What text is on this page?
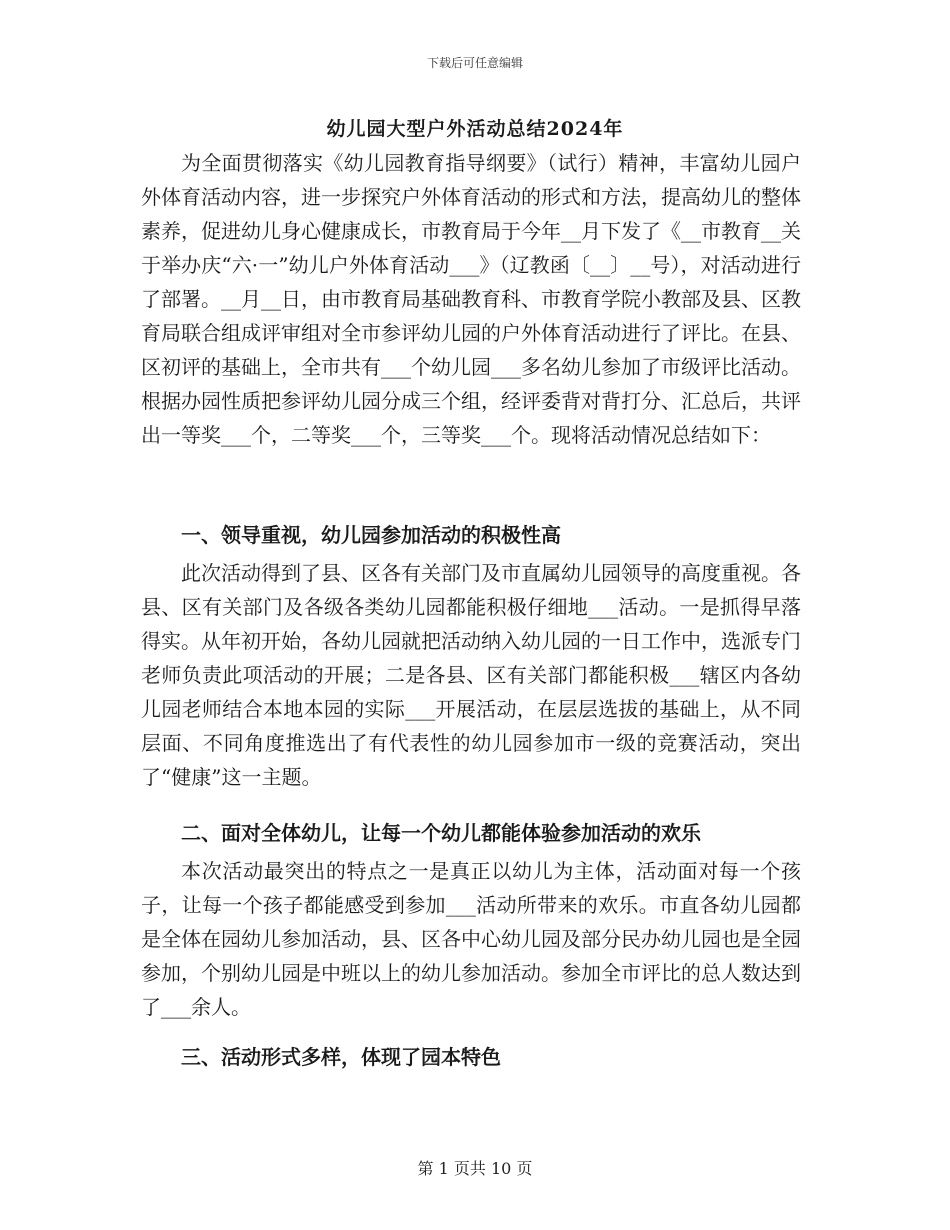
下载后可任意编辑
幼儿园大型户外活动总结2024年

为全面贯彻落实《幼儿园教育指导纲要》（试行）精神，丰富幼儿园户外体育活动内容，进一步探究户外体育活动的形式和方法，提高幼儿的整体素养，促进幼儿身心健康成长，市教育局于今年__月下发了《__市教育__关于举办庆“六·一”幼儿户外体育活动___》（辽教函〔__〕__号），对活动进行了部署。__月__日，由市教育局基础教育科、市教育学院小教部及县、区教育局联合组成评审组对全市参评幼儿园的户外体育活动进行了评比。在县、区初评的基础上，全市共有___个幼儿园___多名幼儿参加了市级评比活动。根据办园性质把参评幼儿园分成三个组，经评委背对背打分、汇总后，共评出一等奖___个，二等奖___个，三等奖___个。现将活动情况总结如下：

一、领导重视，幼儿园参加活动的积极性高

此次活动得到了县、区各有关部门及市直属幼儿园领导的高度重视。各县、区有关部门及各级各类幼儿园都能积极仔细地___活动。一是抓得早落得实。从年初开始，各幼儿园就把活动纳入幼儿园的一日工作中，选派专门老师负责此项活动的开展；二是各县、区有关部门都能积极___辖区内各幼儿园老师结合本地本园的实际___开展活动，在层层选拔的基础上，从不同层面、不同角度推选出了有代表性的幼儿园参加市一级的竞赛活动，突出了“健康”这一主题。

二、面对全体幼儿，让每一个幼儿都能体验参加活动的欢乐

本次活动最突出的特点之一是真正以幼儿为主体，活动面对每一个孩子，让每一个孩子都能感受到参加___活动所带来的欢乐。市直各幼儿园都是全体在园幼儿参加活动，县、区各中心幼儿园及部分民办幼儿园也是全园参加，个别幼儿园是中班以上的幼儿参加活动。参加全市评比的总人数达到了___余人。

三、活动形式多样，体现了园本特色

第 1 页共 10 页
